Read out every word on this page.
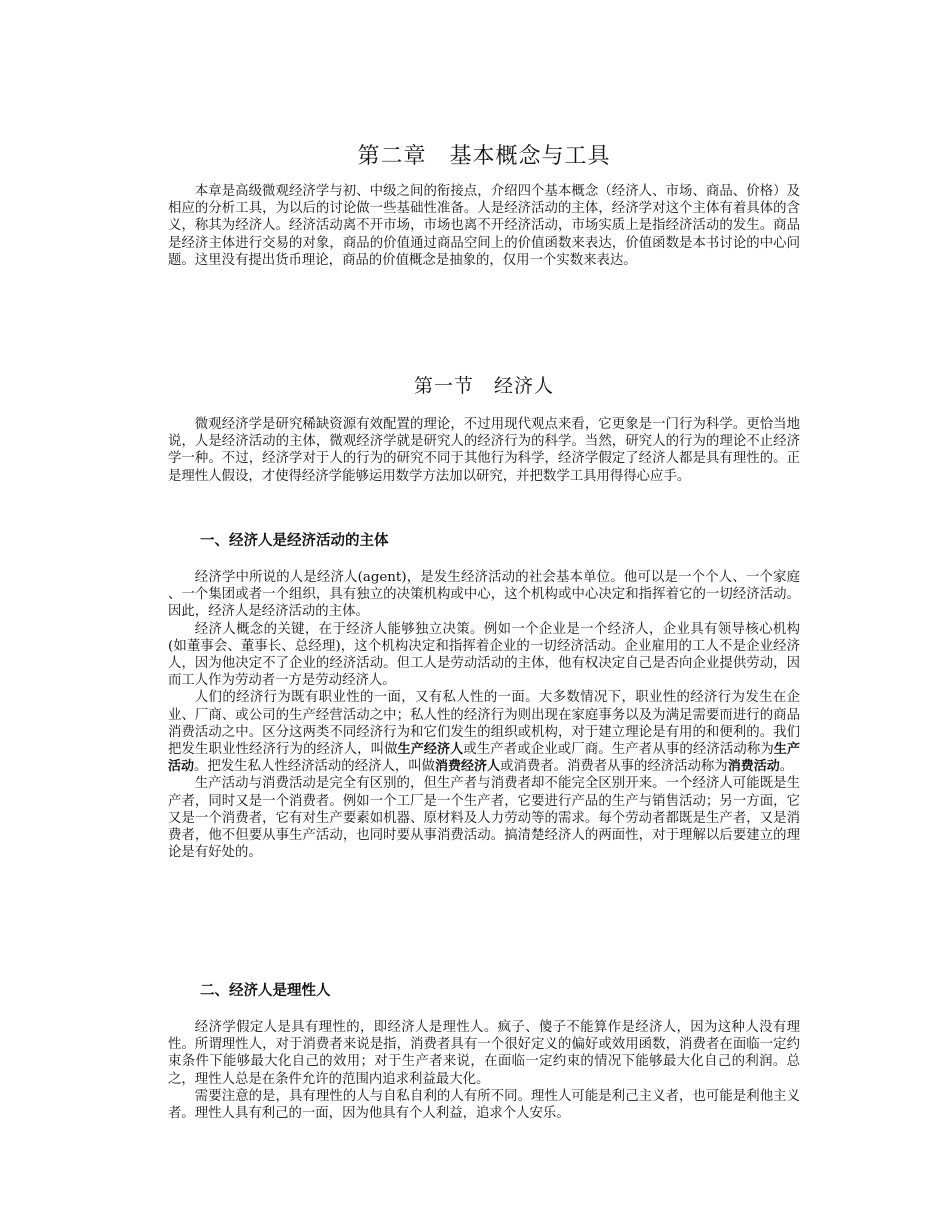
第二章　基本概念与工具

本章是高级微观经济学与初、中级之间的衔接点，介绍四个基本概念（经济人、市场、商品、价格）及相应的分析工具，为以后的讨论做一些基础性准备。人是经济活动的主体，经济学对这个主体有着具体的含义，称其为经济人。经济活动离不开市场，市场也离不开经济活动，市场实质上是指经济活动的发生。商品是经济主体进行交易的对象，商品的价值通过商品空间上的价值函数来表达，价值函数是本书讨论的中心问题。这里没有提出货币理论，商品的价值概念是抽象的，仅用一个实数来表达。

第一节　经济人

微观经济学是研究稀缺资源有效配置的理论，不过用现代观点来看，它更象是一门行为科学。更恰当地说，人是经济活动的主体，微观经济学就是研究人的经济行为的科学。当然，研究人的行为的理论不止经济学一种。不过，经济学对于人的行为的研究不同于其他行为科学，经济学假定了经济人都是具有理性的。正是理性人假设，才使得经济学能够运用数学方法加以研究，并把数学工具用得得心应手。

一、经济人是经济活动的主体

经济学中所说的人是经济人(agent)，是发生经济活动的社会基本单位。他可以是一个个人、一个家庭 、一个集团或者一个组织，具有独立的决策机构或中心，这个机构或中心决定和指挥着它的一切经济活动。因此，经济人是经济活动的主体。

经济人概念的关键，在于经济人能够独立决策。例如一个企业是一个经济人，企业具有领导核心机构(如董事会、董事长、总经理)，这个机构决定和指挥着企业的一切经济活动。企业雇用的工人不是企业经济人，因为他决定不了企业的经济活动。但工人是劳动活动的主体，他有权决定自己是否向企业提供劳动，因而工人作为劳动者一方是劳动经济人。

人们的经济行为既有职业性的一面，又有私人性的一面。大多数情况下，职业性的经济行为发生在企业、厂商、或公司的生产经营活动之中；私人性的经济行为则出现在家庭事务以及为满足需要而进行的商品消费活动之中。区分这两类不同经济行为和它们发生的组织或机构，对于建立理论是有用的和便利的。我们把发生职业性经济行为的经济人，叫做生产经济人或生产者或企业或厂商。生产者从事的经济活动称为生产活动。把发生私人性经济活动的经济人，叫做消费经济人或消费者。消费者从事的经济活动称为消费活动。

生产活动与消费活动是完全有区别的，但生产者与消费者却不能完全区别开来。一个经济人可能既是生产者，同时又是一个消费者。例如一个工厂是一个生产者，它要进行产品的生产与销售活动；另一方面，它又是一个消费者，它有对生产要素如机器、原材料及人力劳动等的需求。每个劳动者都既是生产者，又是消费者，他不但要从事生产活动，也同时要从事消费活动。搞清楚经济人的两面性，对于理解以后要建立的理论是有好处的。

二、经济人是理性人

经济学假定人是具有理性的，即经济人是理性人。疯子、傻子不能算作是经济人，因为这种人没有理性。所谓理性人，对于消费者来说是指，消费者具有一个很好定义的偏好或效用函数，消费者在面临一定约束条件下能够最大化自己的效用；对于生产者来说，在面临一定约束的情况下能够最大化自己的利润。总之，理性人总是在条件允许的范围内追求利益最大化。

需要注意的是，具有理性的人与自私自利的人有所不同。理性人可能是利己主义者，也可能是利他主义者。理性人具有利己的一面，因为他具有个人利益，追求个人安乐。
